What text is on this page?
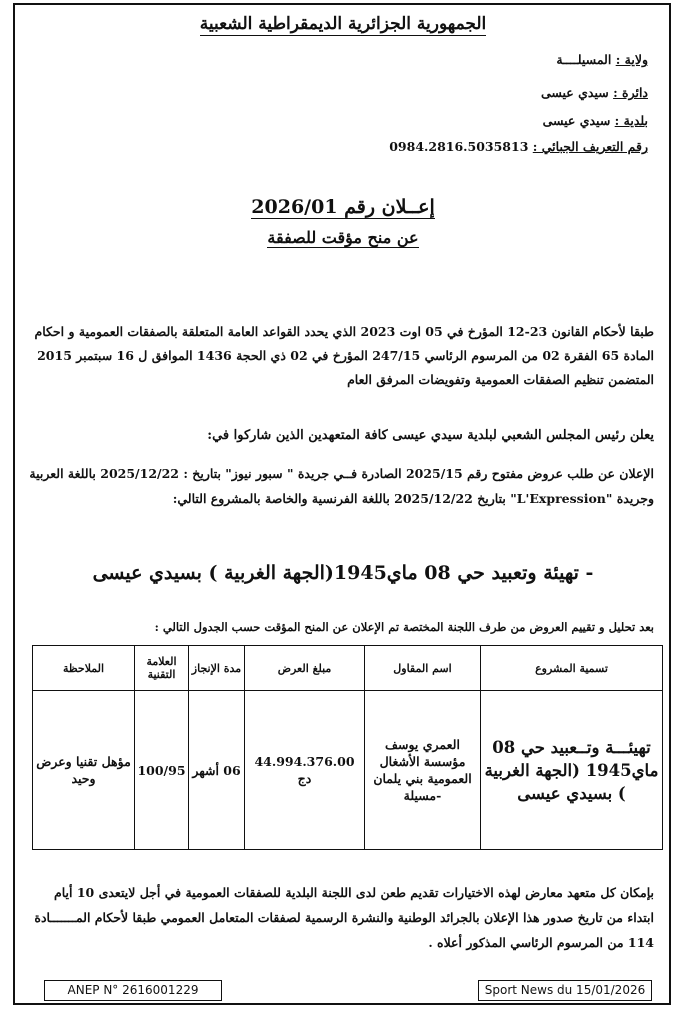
الجمهورية الجزائرية الديمقراطية الشعبية
ولاية : المسيلــــة
دائرة : سيدي عيسى
بلدية : سيدي عيسى
رقم التعريف الجبائي : 0984.2816.5035813
إعــلان رقم 2026/01
عن منح مؤقت للصفقة
طبقا لأحكام القانون 23-12 المؤرخ في 05 اوت 2023 الذي يحدد القواعد العامة المتعلقة بالصفقات العمومية و احكام المادة 65 الفقرة 02 من المرسوم الرئاسي 247/15 المؤرخ في 02 ذي الحجة 1436 الموافق ل 16 سبتمبر 2015 المتضمن تنظيم الصفقات العمومية وتفويضات المرفق العام
يعلن رئيس المجلس الشعبي لبلدية سيدي عيسى كافة المتعهدين الذين شاركوا في:
الإعلان عن طلب عروض مفتوح رقم 2025/15 الصادرة فــي جريدة " سبور نيوز" بتاريخ : 2025/12/22 باللغة العربية وجريدة "L'Expression" بتاريخ 2025/12/22 باللغة الفرنسية والخاصة بالمشروع التالي:
- تهيئة وتعبيد حي 08 ماي1945(الجهة الغربية ) بسيدي عيسى
بعد تحليل و تقييم العروض من طرف اللجنة المختصة تم الإعلان عن المنح المؤقت حسب الجدول التالي :
تسمية المشروع	اسم المقاول	مبلغ العرض	مدة الإنجاز	العلامة التقنية	الملاحظة
تهيئـــة وتــعبيد حي 08 ماي1945 (الجهة الغربية ) بسيدي عيسى	العمري يوسف مؤسسة الأشغال العمومية بني يلمان -مسيلة	44.994.376.00 دج	06 أشهر	100/95	مؤهل تقنيا وعرض وحيد
بإمكان كل متعهد معارض لهذه الاختيارات تقديم طعن لدى اللجنة البلدية للصفقات العمومية في أجل لايتعدى 10 أيام ابتداء من تاريخ صدور هذا الإعلان بالجرائد الوطنية والنشرة الرسمية لصفقات المتعامل العمومي طبقا لأحكام المـــــــادة 114 من المرسوم الرئاسي المذكور أعلاه .
ANEP N° 2616001229	Sport News du 15/01/2026
